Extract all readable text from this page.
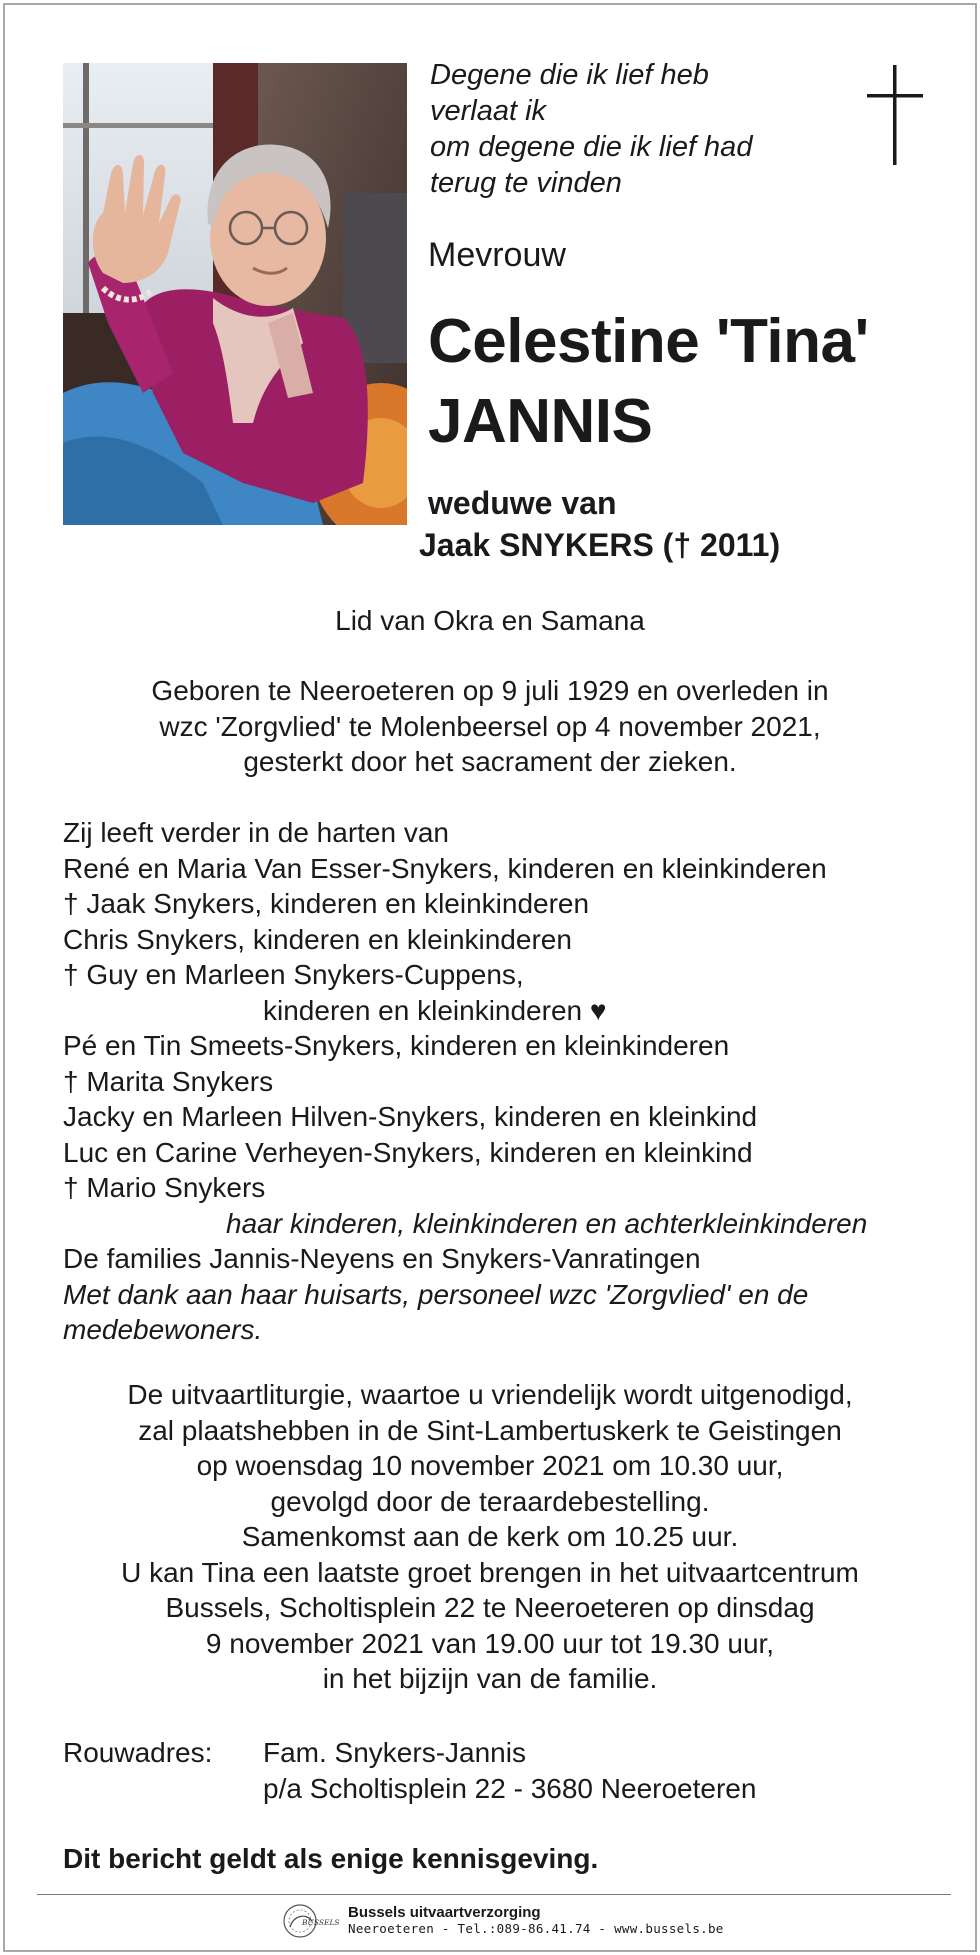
Degene die ik lief heb
verlaat ik
om degene die ik lief had
terug te vinden
Mevrouw
Celestine 'Tina'
JANNIS
weduwe van
Jaak SNYKERS († 2011)
Lid van Okra en Samana
Geboren te Neeroeteren op 9 juli 1929 en overleden in
wzc 'Zorgvlied' te Molenbeersel op 4 november 2021,
gesterkt door het sacrament der zieken.
Zij leeft verder in de harten van
René en Maria Van Esser-Snykers, kinderen en kleinkinderen
† Jaak Snykers, kinderen en kleinkinderen
Chris Snykers, kinderen en kleinkinderen
† Guy en Marleen Snykers-Cuppens,
kinderen en kleinkinderen ♥
Pé en Tin Smeets-Snykers, kinderen en kleinkinderen
† Marita Snykers
Jacky en Marleen Hilven-Snykers, kinderen en kleinkind
Luc en Carine Verheyen-Snykers, kinderen en kleinkind
† Mario Snykers
haar kinderen, kleinkinderen en achterkleinkinderen
De families Jannis-Neyens en Snykers-Vanratingen
Met dank aan haar huisarts, personeel wzc 'Zorgvlied' en de
medebewoners.
De uitvaartliturgie, waartoe u vriendelijk wordt uitgenodigd,
zal plaatshebben in de Sint-Lambertuskerk te Geistingen
op woensdag 10 november 2021 om 10.30 uur,
gevolgd door de teraardebestelling.
Samenkomst aan de kerk om 10.25 uur.
U kan Tina een laatste groet brengen in het uitvaartcentrum
Bussels, Scholtisplein 22 te Neeroeteren op dinsdag
9 november 2021 van 19.00 uur tot 19.30 uur,
in het bijzijn van de familie.
Rouwadres:	Fam. Snykers-Jannis
p/a Scholtisplein 22 - 3680 Neeroeteren
Dit bericht geldt als enige kennisgeving.
BUSSELS
Bussels uitvaartverzorging
Neeroeteren - Tel.:089-86.41.74 - www.bussels.be
